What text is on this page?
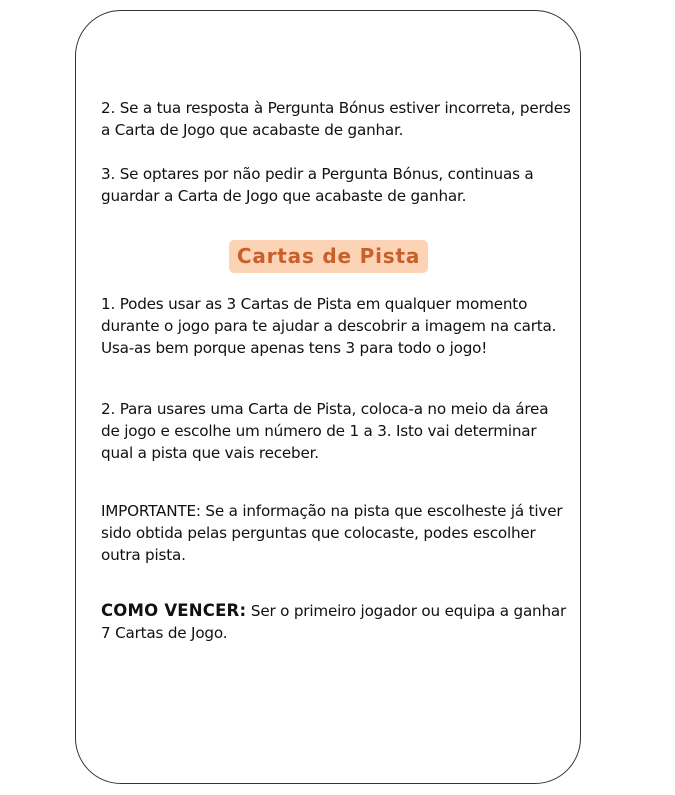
2. Se a tua resposta à Pergunta Bónus estiver incorreta, perdes a Carta de Jogo que acabaste de ganhar.
3. Se optares por não pedir a Pergunta Bónus, continuas a guardar a Carta de Jogo que acabaste de ganhar.
Cartas de Pista
1. Podes usar as 3 Cartas de Pista em qualquer momento durante o jogo para te ajudar a descobrir a imagem na carta. Usa-as bem porque apenas tens 3 para todo o jogo!
2. Para usares uma Carta de Pista, coloca-a no meio da área de jogo e escolhe um número de 1 a 3. Isto vai determinar qual a pista que vais receber.
IMPORTANTE: Se a informação na pista que escolheste já tiver sido obtida pelas perguntas que colocaste, podes escolher outra pista.
COMO VENCER: Ser o primeiro jogador ou equipa a ganhar 7 Cartas de Jogo.
